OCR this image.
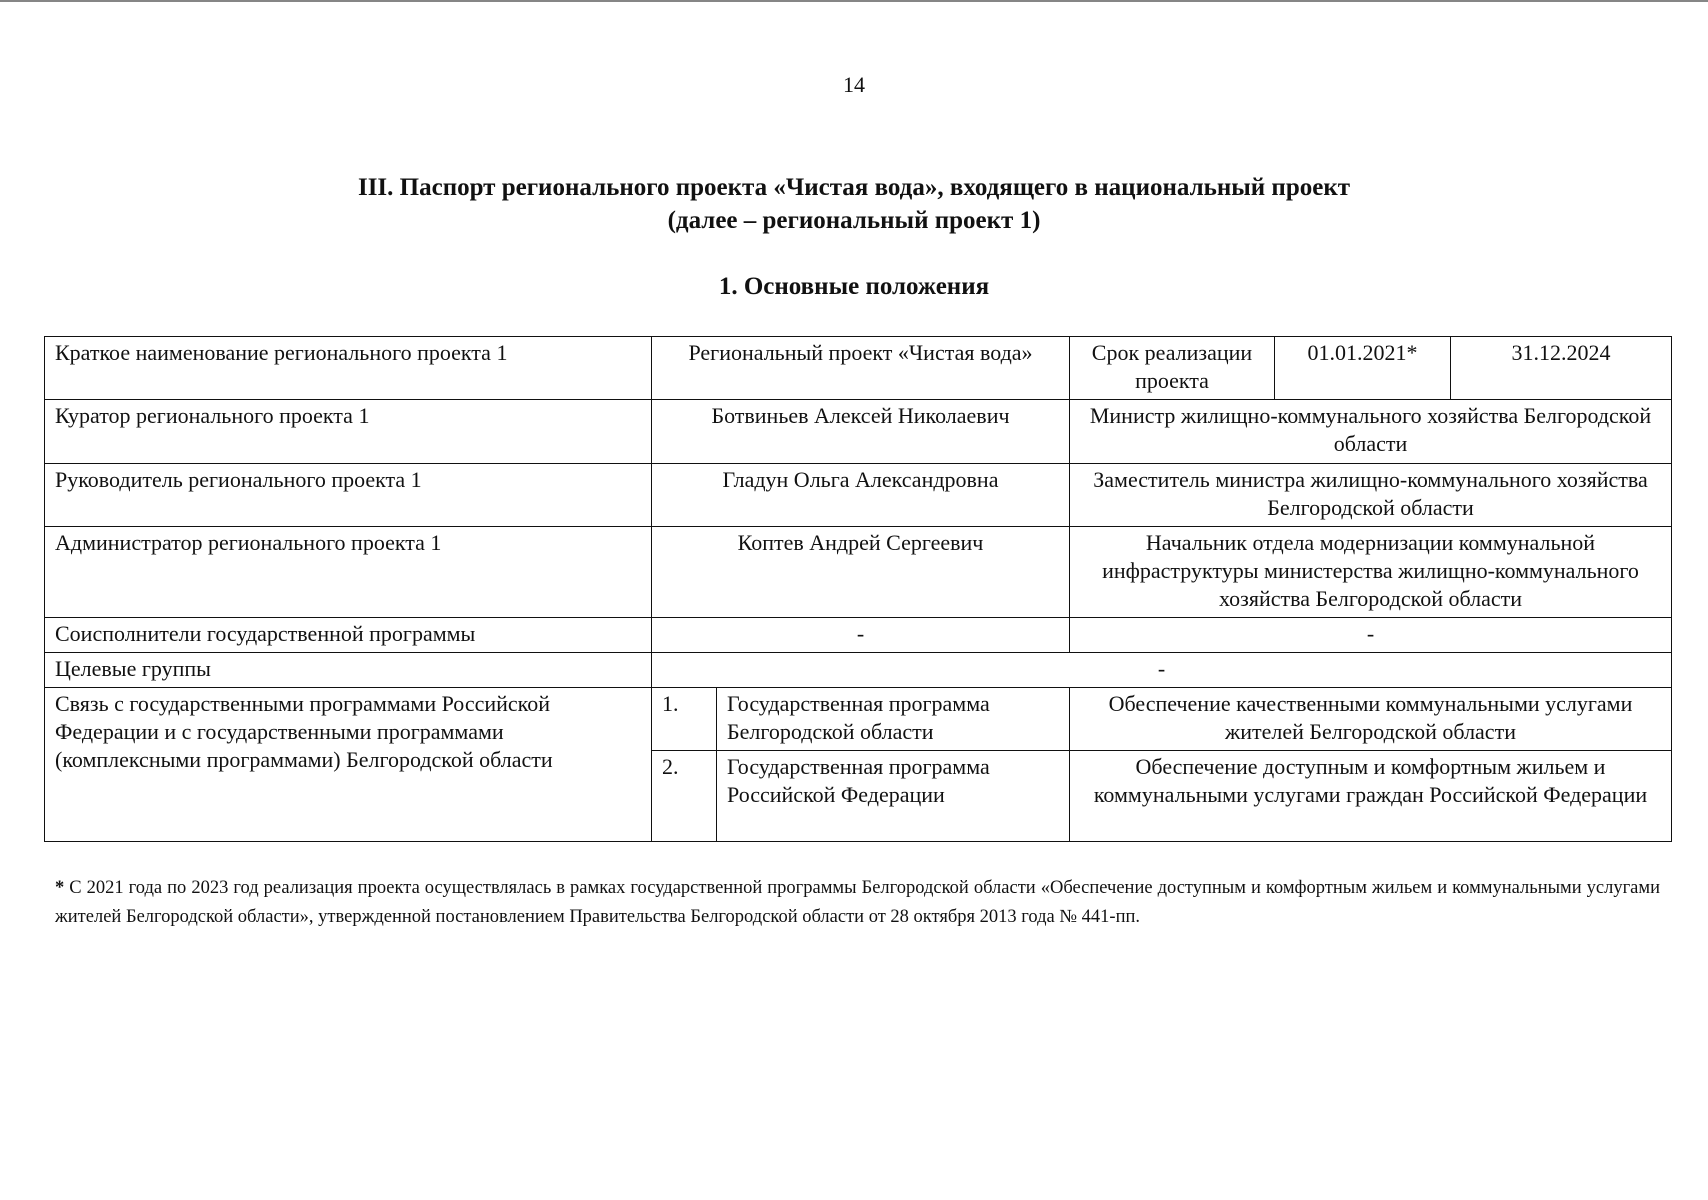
14
III. Паспорт регионального проекта «Чистая вода», входящего в национальный проект
(далее – региональный проект 1)
1. Основные положения
Краткое наименование регионального проекта 1	Региональный проект «Чистая вода»		Срок реализации проекта	01.01.2021*	31.12.2024
Куратор регионального проекта 1	Ботвиньев Алексей Николаевич		Министр жилищно-коммунального хозяйства Белгородской области		
Руководитель регионального проекта 1	Гладун Ольга Александровна		Заместитель министра жилищно-коммунального хозяйства Белгородской области		
Администратор регионального проекта 1	Коптев Андрей Сергеевич		Начальник отдела модернизации коммунальной инфраструктуры министерства жилищно-коммунального хозяйства Белгородской области		
Соисполнители государственной программы	-		-		
Целевые группы	-				
Связь с государственными программами Российской Федерации и с государственными программами (комплексными программами) Белгородской области	1.	Государственная программа Белгородской области	Обеспечение качественными коммунальными услугами жителей Белгородской области		
	2.	Государственная программа Российской Федерации	Обеспечение доступным и комфортным жильем и коммунальными услугами граждан Российской Федерации		
* С 2021 года по 2023 год реализация проекта осуществлялась в рамках государственной программы Белгородской области «Обеспечение доступным и комфортным жильем и коммунальными услугами жителей Белгородской области», утвержденной постановлением Правительства Белгородской области от 28 октября 2013 года № 441-пп.
